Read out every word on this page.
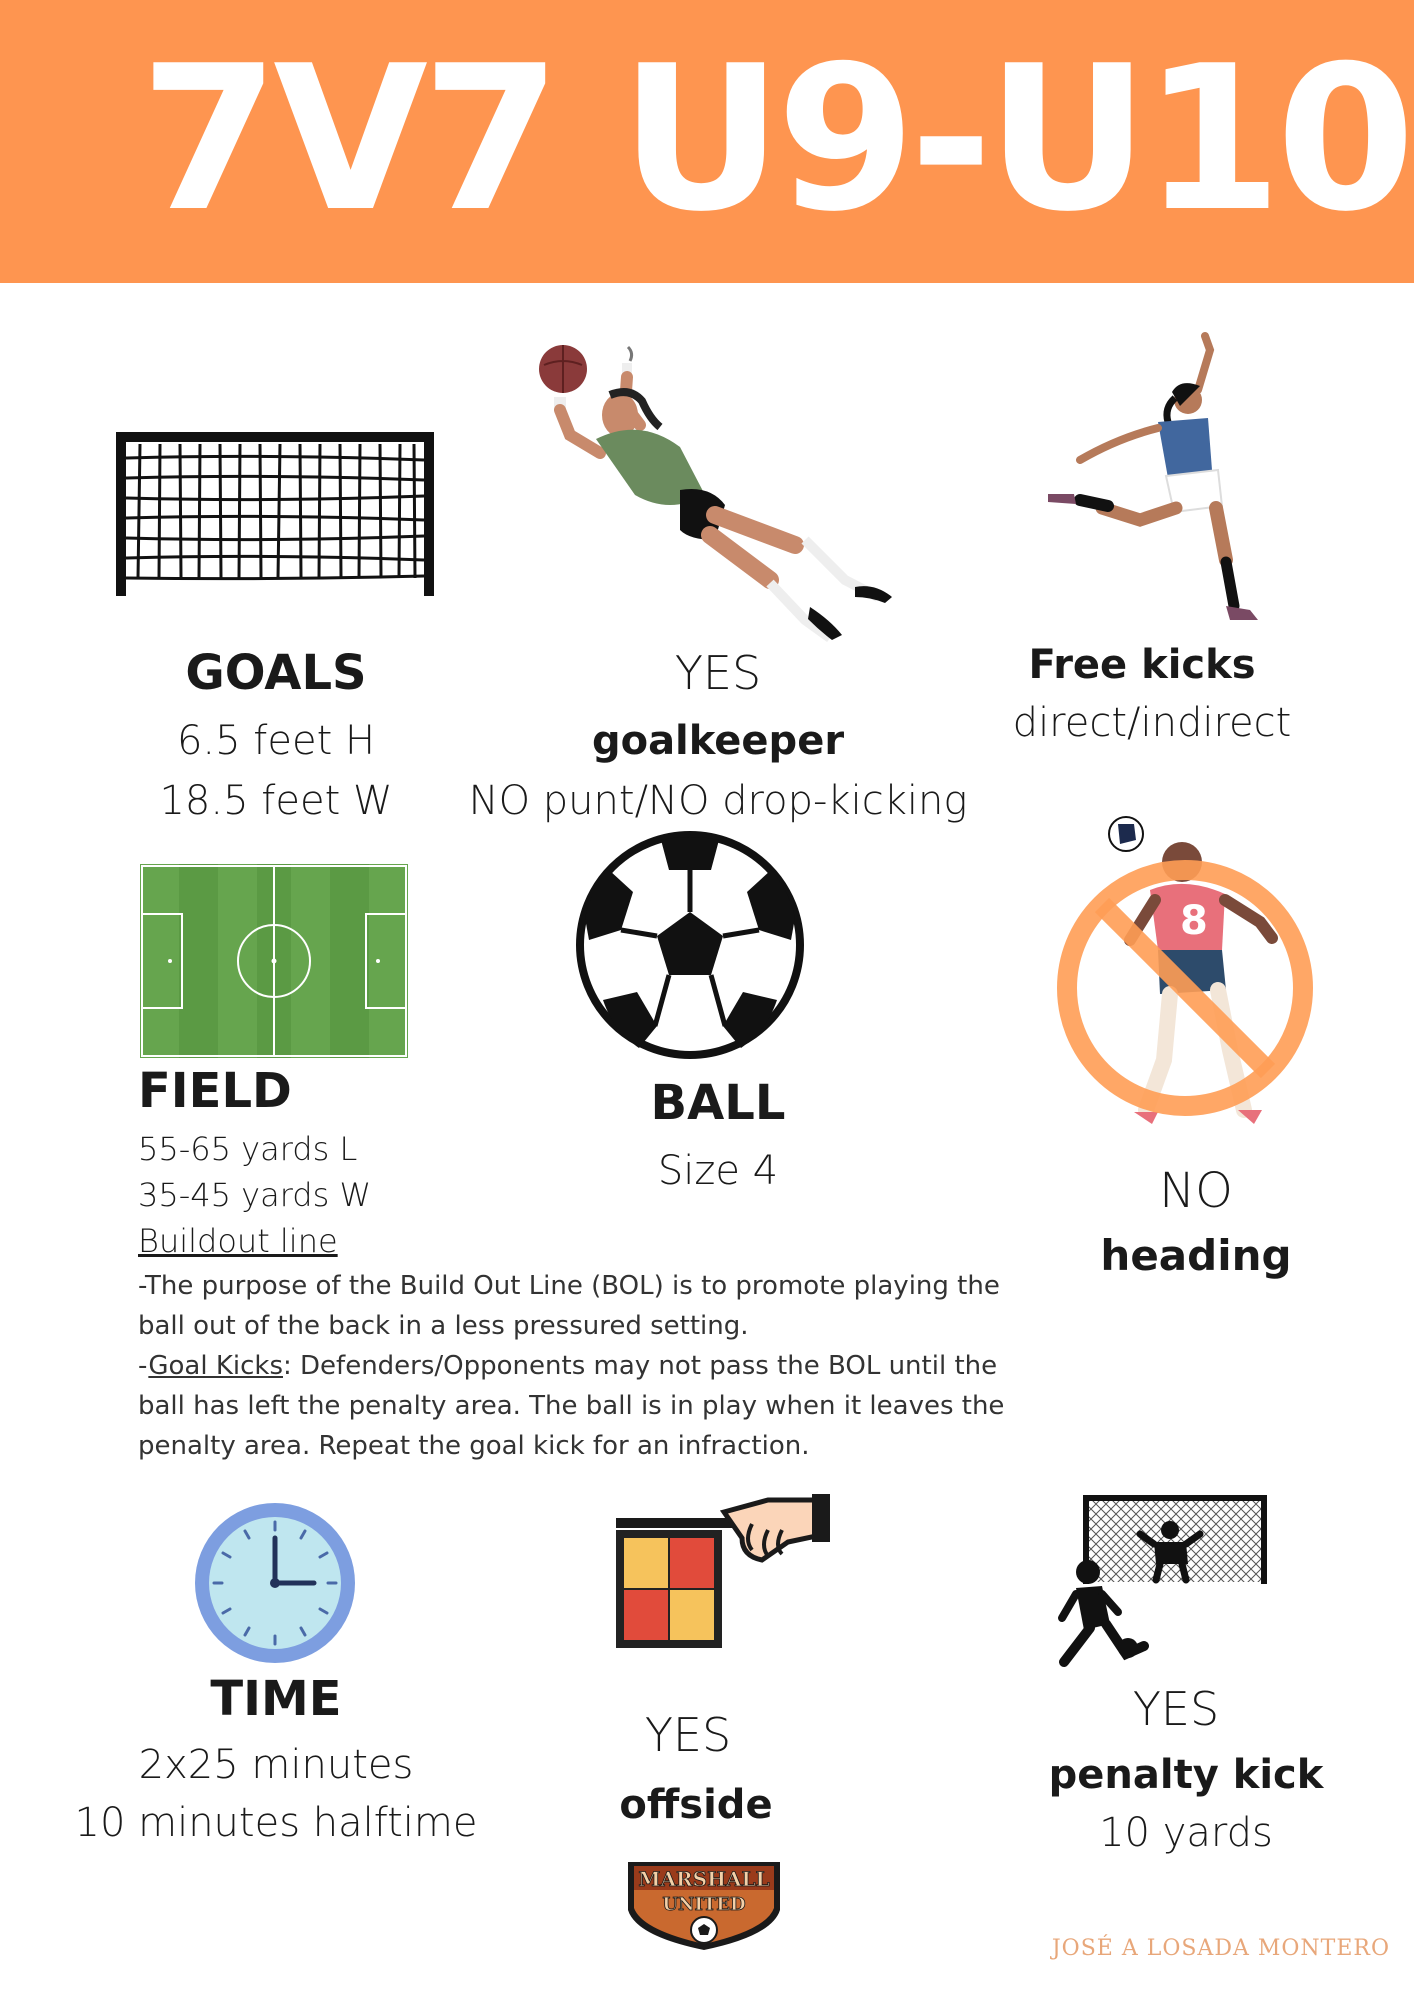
7V7 U9-U10
GOALS
6.5 feet H
18.5 feet W
YES
goalkeeper
NO punt/NO drop-kicking
Free kicks
direct/indirect
8
FIELD
55-65 yards L
35-45 yards W
Buildout line
-The purpose of the Build Out Line (BOL) is to promote playing the ball out of the back in a less pressured setting.
-Goal Kicks: Defenders/Opponents may not pass the BOL until the ball has left the penalty area. The ball is in play when it leaves the penalty area. Repeat the goal kick for an infraction.
BALL
Size 4	NO
heading
TIME
2x25 minutes
10 minutes halftime
YES
offside
YES
penalty kick
10 yards
MARSHALL
UNITED
JOSÉ A LOSADA MONTERO
